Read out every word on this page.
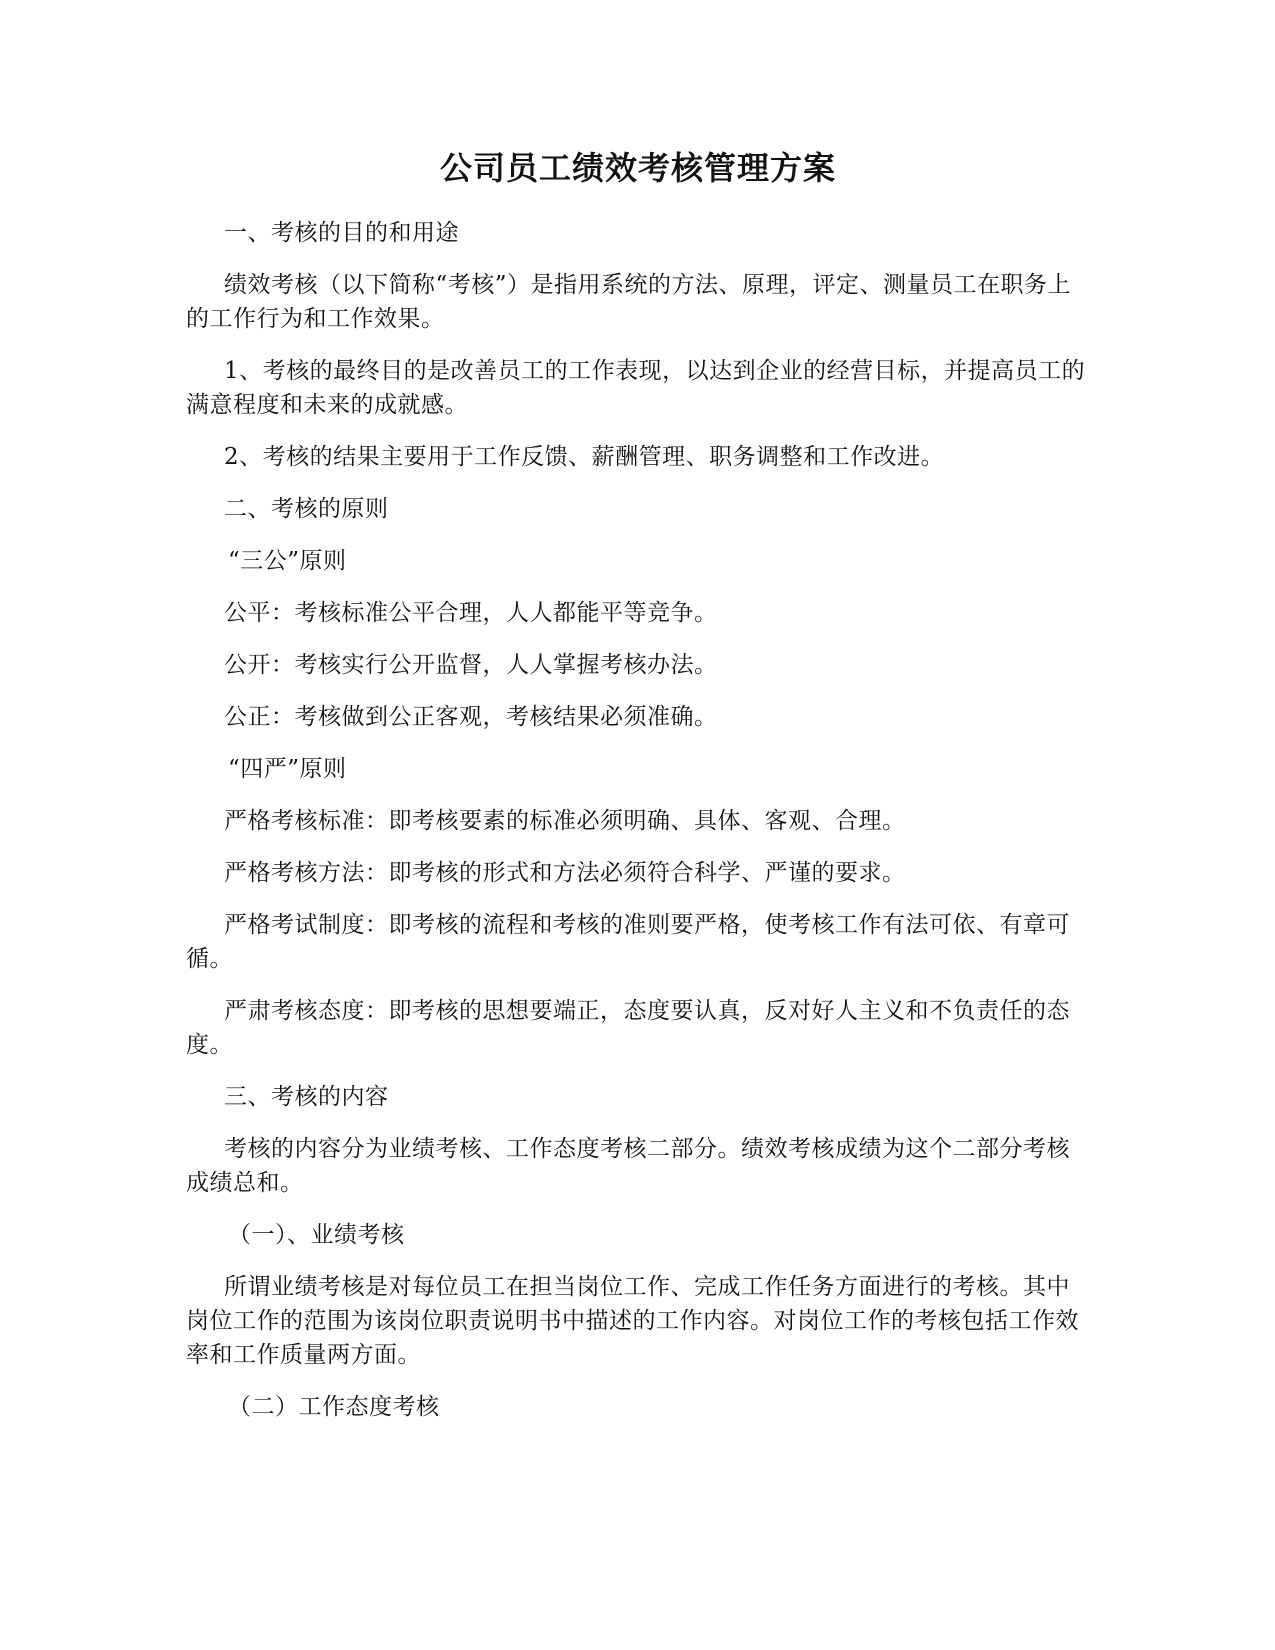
公司员工绩效考核管理方案

一、考核的目的和用途

绩效考核（以下简称“考核”）是指用系统的方法、原理，评定、测量员工在职务上的工作行为和工作效果。

1、考核的最终目的是改善员工的工作表现，以达到企业的经营目标，并提高员工的满意程度和未来的成就感。

2、考核的结果主要用于工作反馈、薪酬管理、职务调整和工作改进。

二、考核的原则

“三公”原则

公平：考核标准公平合理，人人都能平等竞争。

公开：考核实行公开监督，人人掌握考核办法。

公正：考核做到公正客观，考核结果必须准确。

“四严”原则

严格考核标准：即考核要素的标准必须明确、具体、客观、合理。

严格考核方法：即考核的形式和方法必须符合科学、严谨的要求。

严格考试制度：即考核的流程和考核的准则要严格，使考核工作有法可依、有章可循。

严肃考核态度：即考核的思想要端正，态度要认真，反对好人主义和不负责任的态度。

三、考核的内容

考核的内容分为业绩考核、工作态度考核二部分。绩效考核成绩为这个二部分考核成绩总和。

（一）、业绩考核

所谓业绩考核是对每位员工在担当岗位工作、完成工作任务方面进行的考核。其中岗位工作的范围为该岗位职责说明书中描述的工作内容。对岗位工作的考核包括工作效率和工作质量两方面。

（二）工作态度考核
